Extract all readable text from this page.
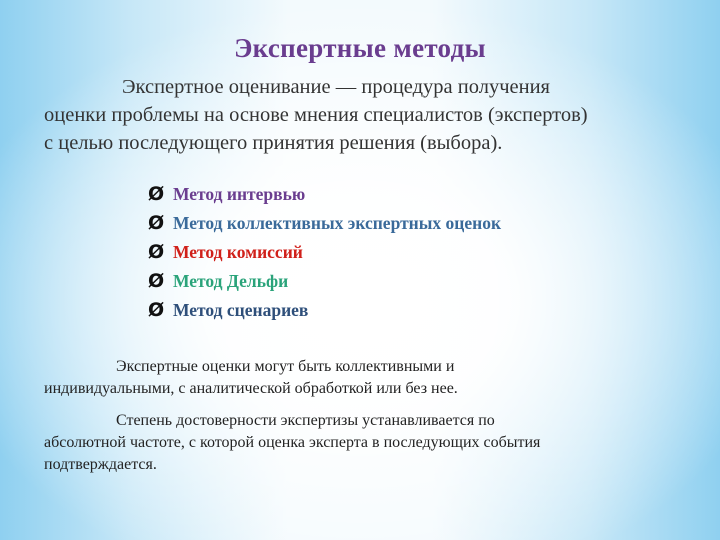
Экспертные методы
Экспертное оценивание — процедура получения
оценки проблемы на основе мнения специалистов (экспертов)
с целью последующего принятия решения (выбора).
Ø Метод интервью
Ø Метод коллективных экспертных оценок
Ø Метод комиссий
Ø Метод Дельфи
Ø Метод сценариев
Экспертные оценки могут быть коллективными и
индивидуальными, с аналитической обработкой или без нее.
Степень достоверности экспертизы устанавливается по
абсолютной частоте, с которой оценка эксперта в последующих события
подтверждается.
